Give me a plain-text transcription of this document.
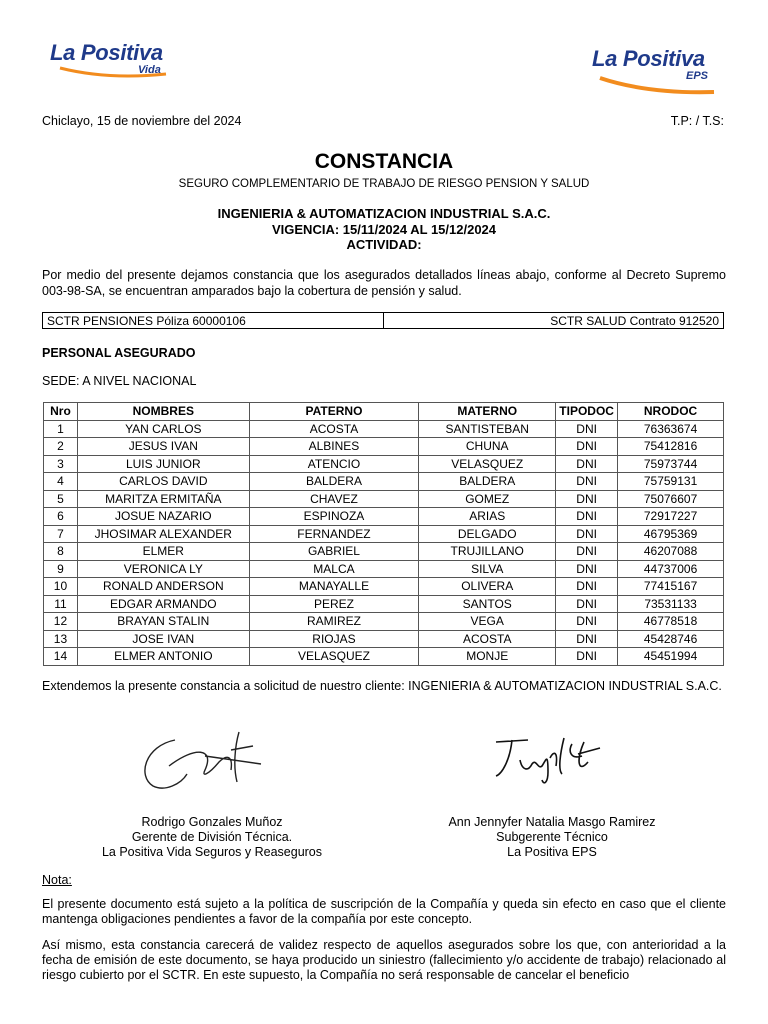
La Positiva
Vida	La Positiva
EPS
Chiclayo, 15 de noviembre del 2024	T.P: / T.S:
CONSTANCIA
SEGURO COMPLEMENTARIO DE TRABAJO DE RIESGO PENSION Y SALUD
INGENIERIA & AUTOMATIZACION INDUSTRIAL S.A.C.
VIGENCIA: 15/11/2024 AL 15/12/2024
ACTIVIDAD:
Por medio del presente dejamos constancia que los asegurados detallados líneas abajo, conforme al Decreto Supremo 003-98-SA, se encuentran amparados bajo la cobertura de pensión y salud.
SCTR PENSIONES Póliza 60000106	SCTR SALUD Contrato 912520
PERSONAL ASEGURADO
SEDE: A NIVEL NACIONAL
Nro	NOMBRES	PATERNO	MATERNO	TIPODOC	NRODOC
1	YAN CARLOS	ACOSTA	SANTISTEBAN	DNI	76363674
2	JESUS IVAN	ALBINES	CHUNA	DNI	75412816
3	LUIS JUNIOR	ATENCIO	VELASQUEZ	DNI	75973744
4	CARLOS DAVID	BALDERA	BALDERA	DNI	75759131
5	MARITZA ERMITAÑA	CHAVEZ	GOMEZ	DNI	75076607
6	JOSUE NAZARIO	ESPINOZA	ARIAS	DNI	72917227
7	JHOSIMAR ALEXANDER	FERNANDEZ	DELGADO	DNI	46795369
8	ELMER	GABRIEL	TRUJILLANO	DNI	46207088
9	VERONICA LY	MALCA	SILVA	DNI	44737006
10	RONALD ANDERSON	MANAYALLE	OLIVERA	DNI	77415167
11	EDGAR ARMANDO	PEREZ	SANTOS	DNI	73531133
12	BRAYAN STALIN	RAMIREZ	VEGA	DNI	46778518
13	JOSE IVAN	RIOJAS	ACOSTA	DNI	45428746
14	ELMER ANTONIO	VELASQUEZ	MONJE	DNI	45451994
Extendemos la presente constancia a solicitud de nuestro cliente: INGENIERIA & AUTOMATIZACION INDUSTRIAL S.A.C.
Rodrigo Gonzales Muñoz
Gerente de División Técnica.
La Positiva Vida Seguros y Reaseguros
Ann Jennyfer Natalia Masgo Ramirez
Subgerente Técnico
La Positiva EPS
Nota:
El presente documento está sujeto a la política de suscripción de la Compañía y queda sin efecto en caso que el cliente mantenga obligaciones pendientes a favor de la compañía por este concepto.
Así mismo, esta constancia carecerá de validez respecto de aquellos asegurados sobre los que, con anterioridad a la fecha de emisión de este documento, se haya producido un siniestro (fallecimiento y/o accidente de trabajo) relacionado al riesgo cubierto por el SCTR. En este supuesto, la Compañía no será responsable de cancelar el beneficio
